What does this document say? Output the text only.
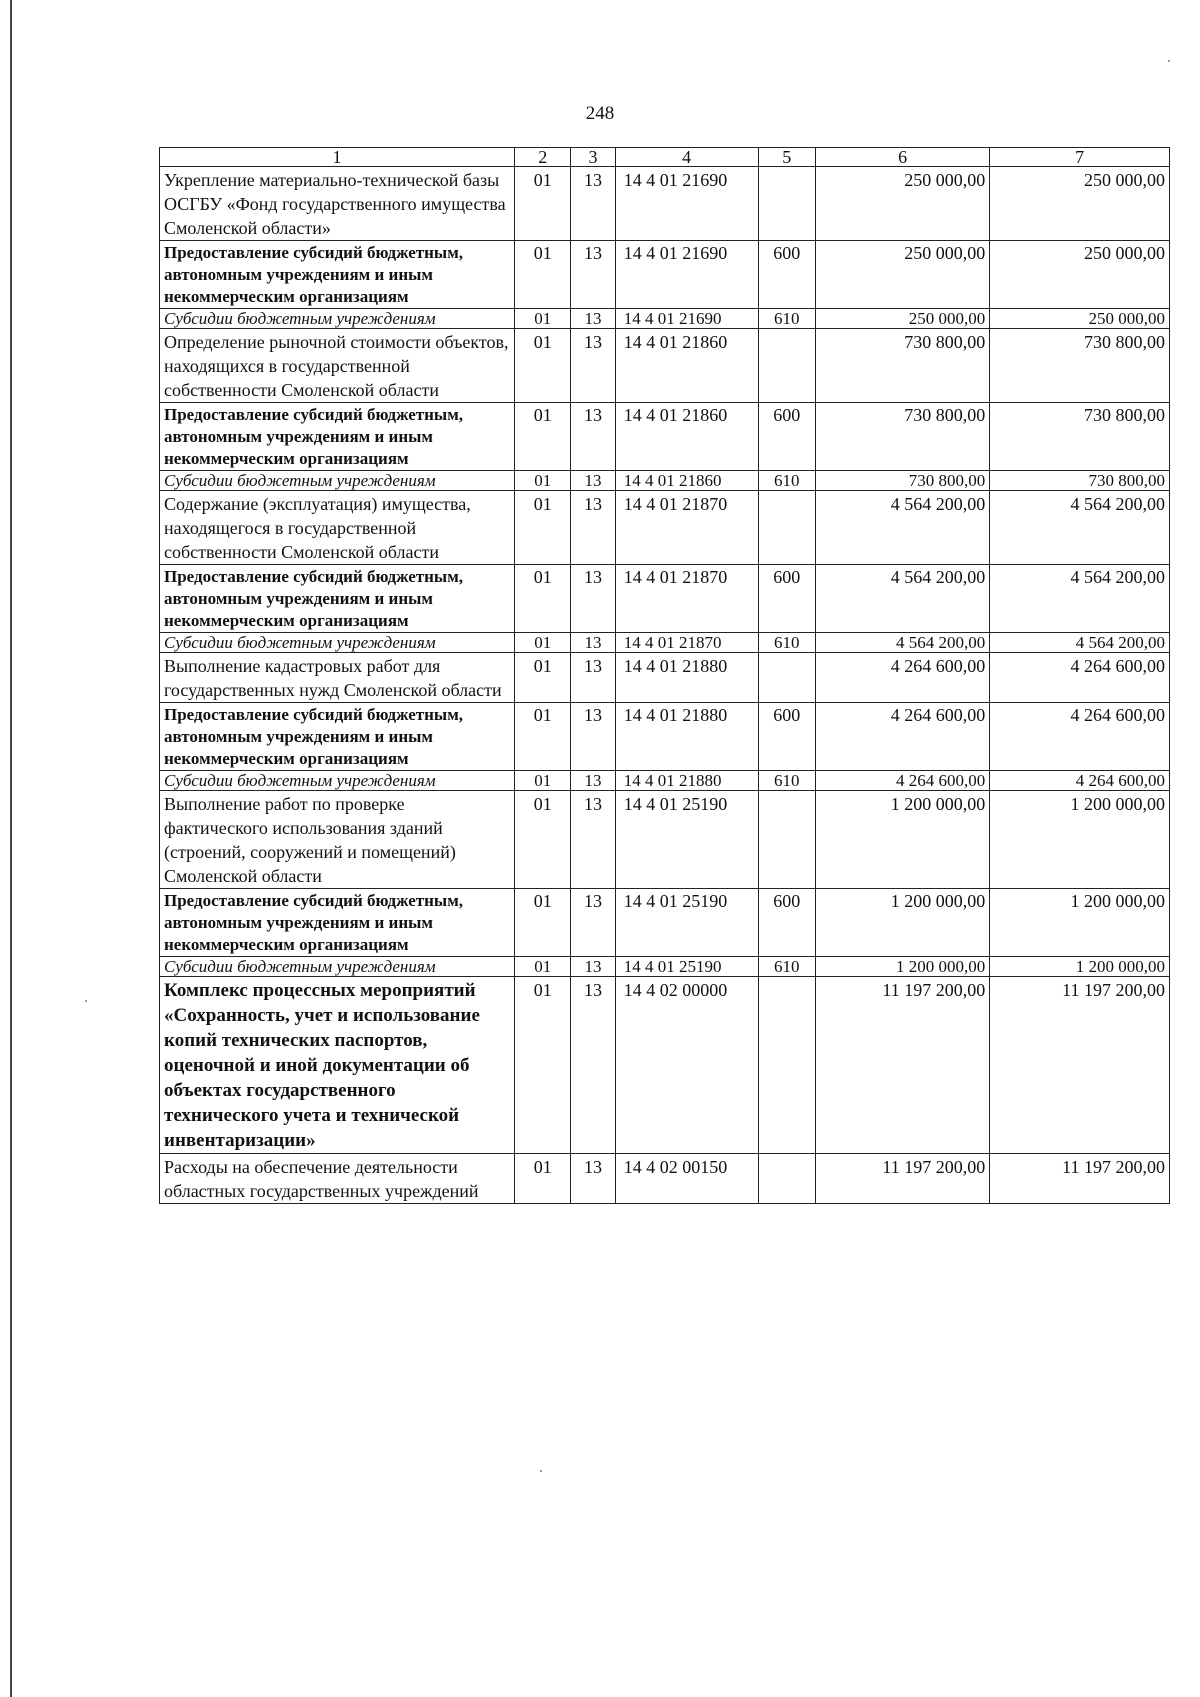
248
1	2	3	4	5	6	7
Укрепление материально-технической базы ОСГБУ «Фонд государственного имущества Смоленской области»	01	13	14 4 01 21690		250 000,00	250 000,00
Предоставление субсидий бюджетным, автономным учреждениям и иным некоммерческим организациям	01	13	14 4 01 21690	600	250 000,00	250 000,00
Субсидии бюджетным учреждениям	01	13	14 4 01 21690	610	250 000,00	250 000,00
Определение рыночной стоимости объектов, находящихся в государственной собственности Смоленской области	01	13	14 4 01 21860		730 800,00	730 800,00
Предоставление субсидий бюджетным, автономным учреждениям и иным некоммерческим организациям	01	13	14 4 01 21860	600	730 800,00	730 800,00
Субсидии бюджетным учреждениям	01	13	14 4 01 21860	610	730 800,00	730 800,00
Содержание (эксплуатация) имущества, находящегося в государственной собственности Смоленской области	01	13	14 4 01 21870		4 564 200,00	4 564 200,00
Предоставление субсидий бюджетным, автономным учреждениям и иным некоммерческим организациям	01	13	14 4 01 21870	600	4 564 200,00	4 564 200,00
Субсидии бюджетным учреждениям	01	13	14 4 01 21870	610	4 564 200,00	4 564 200,00
Выполнение кадастровых работ для государственных нужд Смоленской области	01	13	14 4 01 21880		4 264 600,00	4 264 600,00
Предоставление субсидий бюджетным, автономным учреждениям и иным некоммерческим организациям	01	13	14 4 01 21880	600	4 264 600,00	4 264 600,00
Субсидии бюджетным учреждениям	01	13	14 4 01 21880	610	4 264 600,00	4 264 600,00
Выполнение работ по проверке фактического использования зданий (строений, сооружений и помещений) Смоленской области	01	13	14 4 01 25190		1 200 000,00	1 200 000,00
Предоставление субсидий бюджетным, автономным учреждениям и иным некоммерческим организациям	01	13	14 4 01 25190	600	1 200 000,00	1 200 000,00
Субсидии бюджетным учреждениям	01	13	14 4 01 25190	610	1 200 000,00	1 200 000,00
Комплекс процессных мероприятий «Сохранность, учет и использование копий технических паспортов, оценочной и иной документации об объектах государственного технического учета и технической инвентаризации»	01	13	14 4 02 00000		11 197 200,00	11 197 200,00
Расходы на обеспечение деятельности областных государственных учреждений	01	13	14 4 02 00150		11 197 200,00	11 197 200,00
